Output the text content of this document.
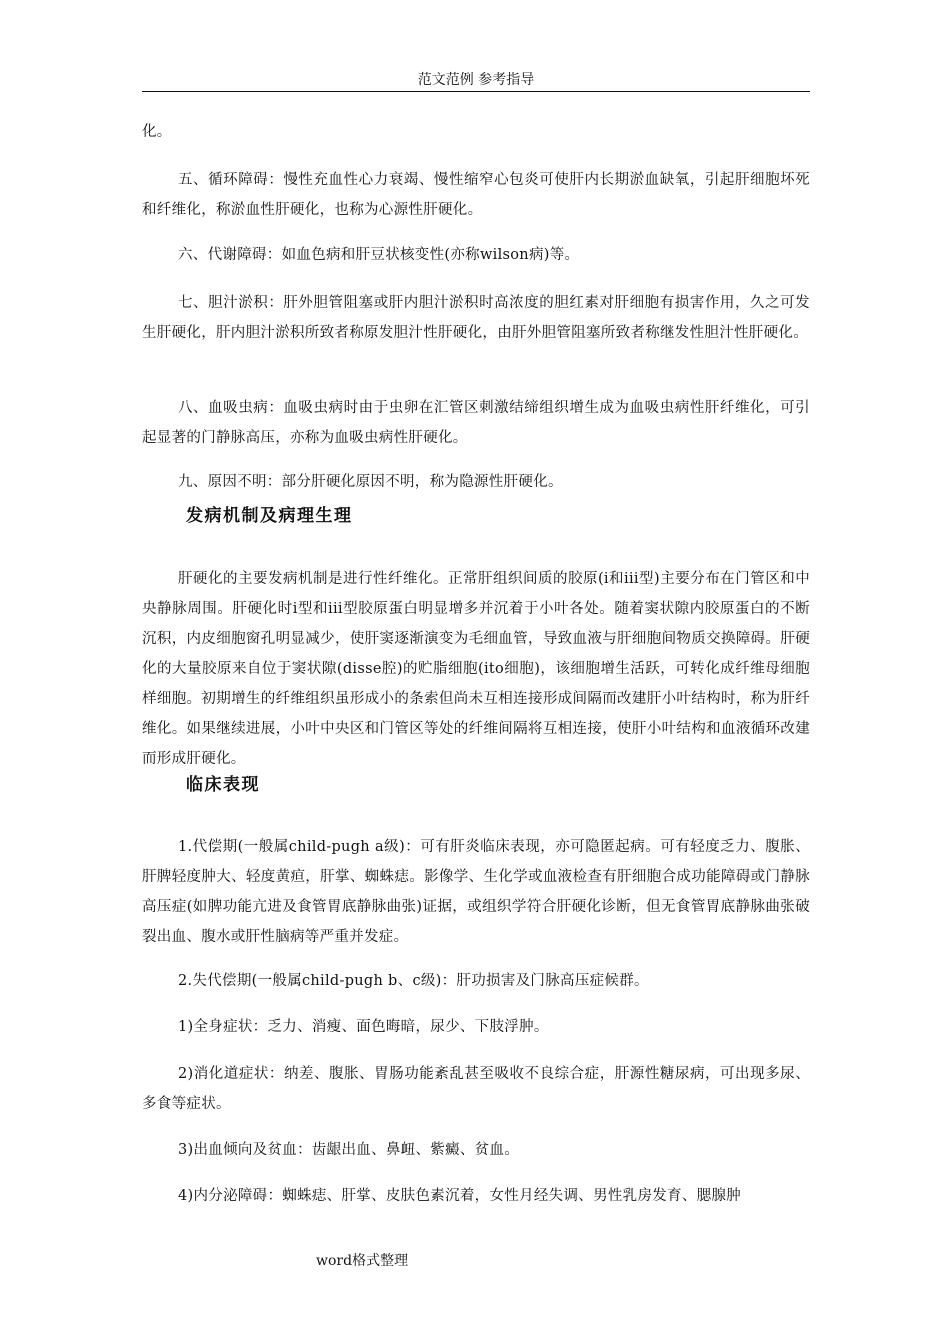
范文范例 参考指导

化。

五、循环障碍：慢性充血性心力衰竭、慢性缩窄心包炎可使肝内长期淤血缺氧，引起肝细胞坏死和纤维化，称淤血性肝硬化，也称为心源性肝硬化。

六、代谢障碍：如血色病和肝豆状核变性(亦称wilson病)等。

七、胆汁淤积：肝外胆管阻塞或肝内胆汁淤积时高浓度的胆红素对肝细胞有损害作用，久之可发生肝硬化，肝内胆汁淤积所致者称原发胆汁性肝硬化，由肝外胆管阻塞所致者称继发性胆汁性肝硬化。

八、血吸虫病：血吸虫病时由于虫卵在汇管区刺激结缔组织增生成为血吸虫病性肝纤维化，可引起显著的门静脉高压，亦称为血吸虫病性肝硬化。

九、原因不明：部分肝硬化原因不明，称为隐源性肝硬化。

发病机制及病理生理

肝硬化的主要发病机制是进行性纤维化。正常肝组织间质的胶原(i和iii型)主要分布在门管区和中央静脉周围。肝硬化时i型和iii型胶原蛋白明显增多并沉着于小叶各处。随着窦状隙内胶原蛋白的不断沉积，内皮细胞窗孔明显减少，使肝窦逐渐演变为毛细血管，导致血液与肝细胞间物质交换障碍。肝硬化的大量胶原来自位于窦状隙(disse腔)的贮脂细胞(ito细胞)，该细胞增生活跃，可转化成纤维母细胞样细胞。初期增生的纤维组织虽形成小的条索但尚未互相连接形成间隔而改建肝小叶结构时，称为肝纤维化。如果继续进展，小叶中央区和门管区等处的纤维间隔将互相连接，使肝小叶结构和血液循环改建而形成肝硬化。

临床表现

1.代偿期(一般属child-pugh a级)：可有肝炎临床表现，亦可隐匿起病。可有轻度乏力、腹胀、肝脾轻度肿大、轻度黄疸，肝掌、蜘蛛痣。影像学、生化学或血液检查有肝细胞合成功能障碍或门静脉高压症(如脾功能亢进及食管胃底静脉曲张)证据，或组织学符合肝硬化诊断，但无食管胃底静脉曲张破裂出血、腹水或肝性脑病等严重并发症。

2.失代偿期(一般属child-pugh b、c级)：肝功损害及门脉高压症候群。

1)全身症状：乏力、消瘦、面色晦暗，尿少、下肢浮肿。

2)消化道症状：纳差、腹胀、胃肠功能紊乱甚至吸收不良综合症，肝源性糖尿病，可出现多尿、多食等症状。

3)出血倾向及贫血：齿龈出血、鼻衄、紫癜、贫血。

4)内分泌障碍：蜘蛛痣、肝掌、皮肤色素沉着，女性月经失调、男性乳房发育、腮腺肿

word格式整理
